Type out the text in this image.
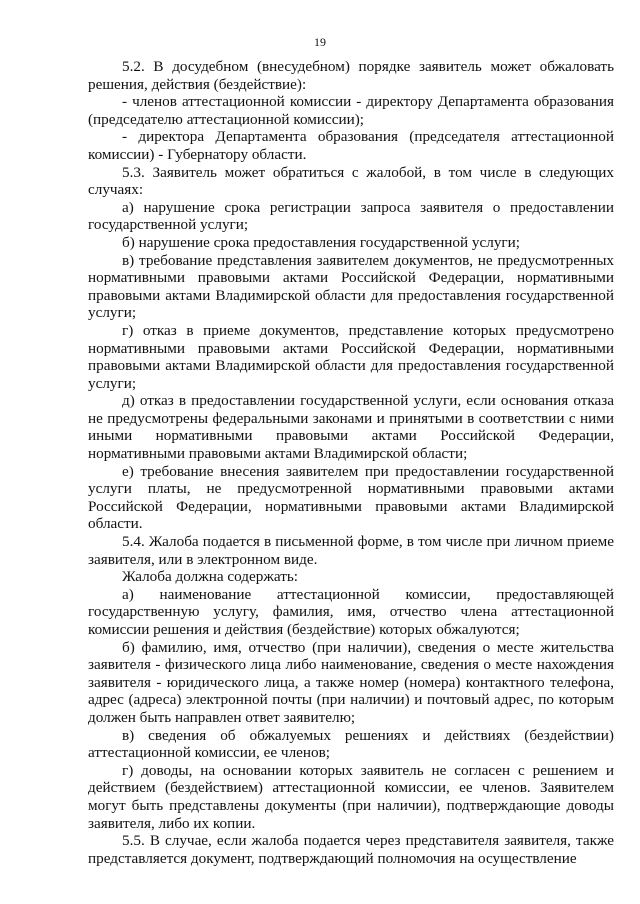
19

5.2. В досудебном (внесудебном) порядке заявитель может обжаловать решения, действия (бездействие):

- членов аттестационной комиссии - директору Департамента образования (председателю аттестационной комиссии);

- директора Департамента образования (председателя аттестационной комиссии) - Губернатору области.

5.3. Заявитель может обратиться с жалобой, в том числе в следующих случаях:

а) нарушение срока регистрации запроса заявителя о предоставлении государственной услуги;

б) нарушение срока предоставления государственной услуги;

в) требование представления заявителем документов, не предусмотренных нормативными правовыми актами Российской Федерации, нормативными правовыми актами Владимирской области для предоставления государственной услуги;

г) отказ в приеме документов, представление которых предусмотрено нормативными правовыми актами Российской Федерации, нормативными правовыми актами Владимирской области для предоставления государственной услуги;

д) отказ в предоставлении государственной услуги, если основания отказа не предусмотрены федеральными законами и принятыми в соответствии с ними иными нормативными правовыми актами Российской Федерации, нормативными правовыми актами Владимирской области;

е) требование внесения заявителем при предоставлении государственной услуги платы, не предусмотренной нормативными правовыми актами Российской Федерации, нормативными правовыми актами Владимирской области.

5.4. Жалоба подается в письменной форме, в том числе при личном приеме заявителя, или в электронном виде.

Жалоба должна содержать:

а) наименование аттестационной комиссии, предоставляющей государственную услугу, фамилия, имя, отчество члена аттестационной комиссии решения и действия (бездействие) которых обжалуются;

б) фамилию, имя, отчество (при наличии), сведения о месте жительства заявителя - физического лица либо наименование, сведения о месте нахождения заявителя - юридического лица, а также номер (номера) контактного телефона, адрес (адреса) электронной почты (при наличии) и почтовый адрес, по которым должен быть направлен ответ заявителю;

в) сведения об обжалуемых решениях и действиях (бездействии) аттестационной комиссии, ее членов;

г) доводы, на основании которых заявитель не согласен с решением и действием (бездействием) аттестационной комиссии, ее членов. Заявителем могут быть представлены документы (при наличии), подтверждающие доводы заявителя, либо их копии.

5.5. В случае, если жалоба подается через представителя заявителя, также представляется документ, подтверждающий полномочия на осуществление
